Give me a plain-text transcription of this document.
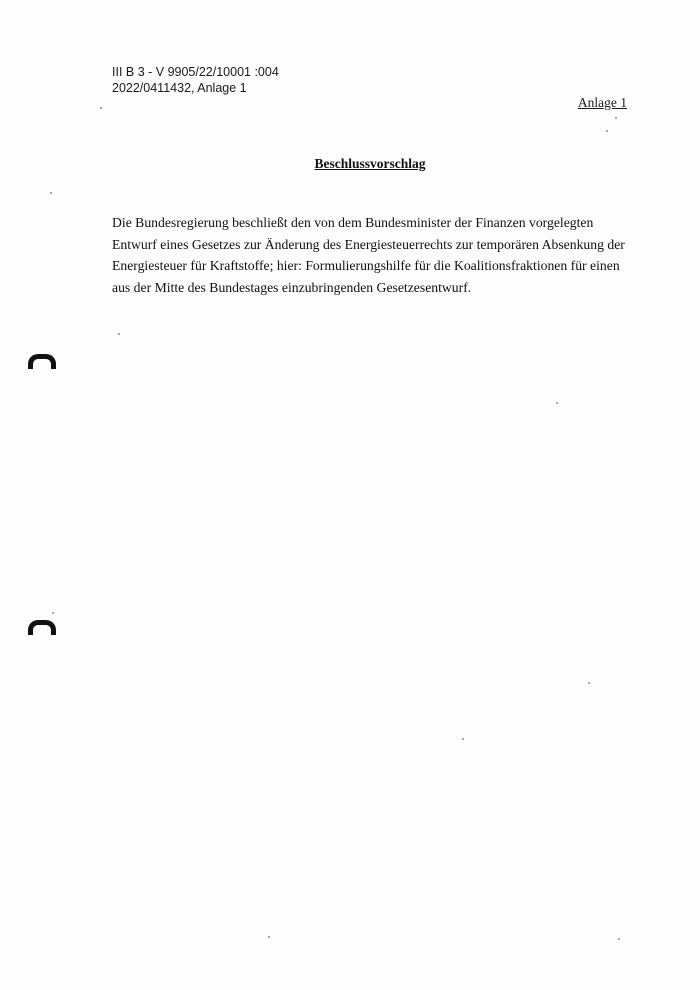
III B 3 - V 9905/22/10001 :004
2022/0411432, Anlage 1
Anlage 1
Beschlussvorschlag
Die Bundesregierung beschließt den von dem Bundesminister der Finanzen vorgelegten
Entwurf eines Gesetzes zur Änderung des Energiesteuerrechts zur temporären Absenkung der
Energiesteuer für Kraftstoffe; hier: Formulierungshilfe für die Koalitionsfraktionen für einen
aus der Mitte des Bundestages einzubringenden Gesetzesentwurf.
